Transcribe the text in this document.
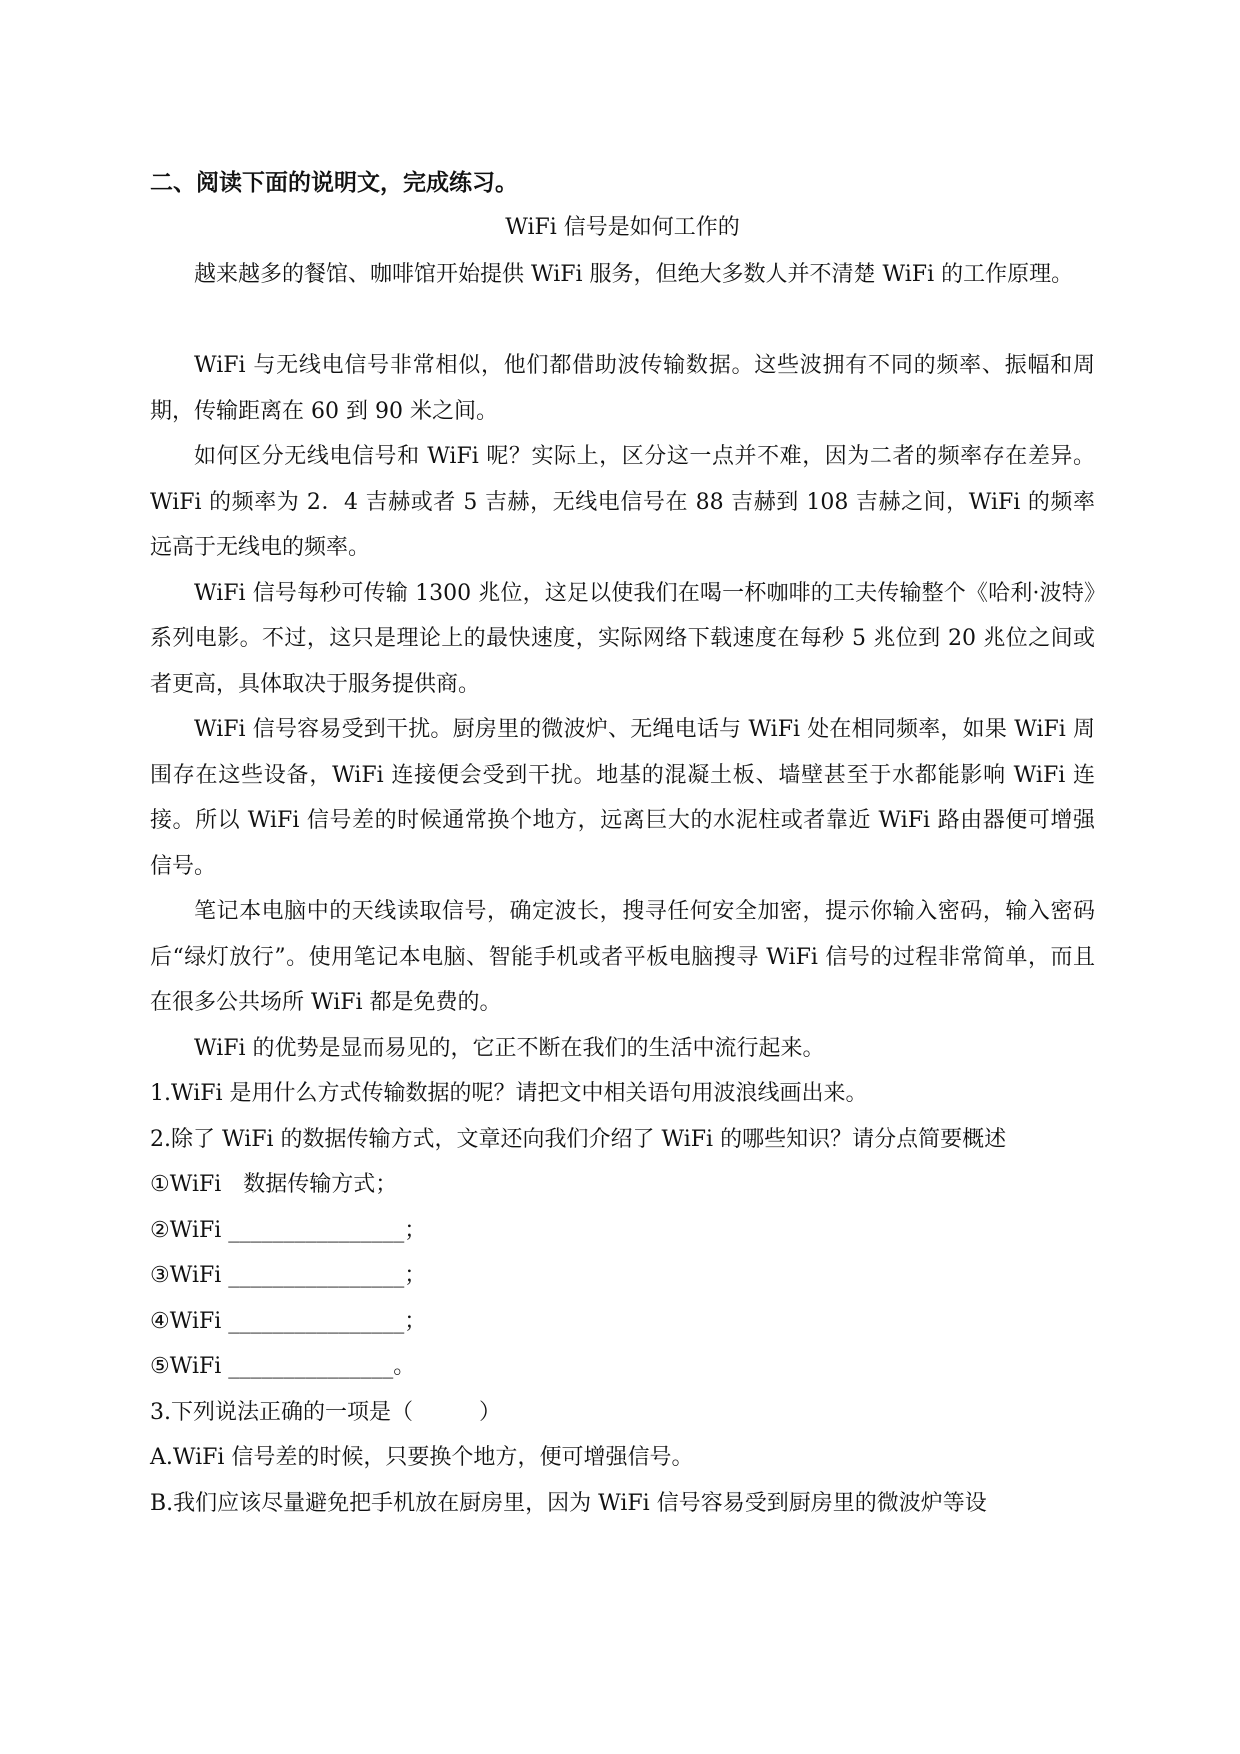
二、阅读下面的说明文，完成练习。
WiFi 信号是如何工作的

越来越多的餐馆、咖啡馆开始提供 WiFi 服务，但绝大多数人并不清楚 WiFi 的工作原理。

WiFi 与无线电信号非常相似，他们都借助波传输数据。这些波拥有不同的频率、振幅和周期，传输距离在 60 到 90 米之间。

如何区分无线电信号和 WiFi 呢？实际上，区分这一点并不难，因为二者的频率存在差异。WiFi 的频率为 2．4 吉赫或者 5 吉赫，无线电信号在 88 吉赫到 108 吉赫之间，WiFi 的频率远高于无线电的频率。

WiFi 信号每秒可传输 1300 兆位，这足以使我们在喝一杯咖啡的工夫传输整个《哈利·波特》系列电影。不过，这只是理论上的最快速度，实际网络下载速度在每秒 5 兆位到 20 兆位之间或者更高，具体取决于服务提供商。

WiFi 信号容易受到干扰。厨房里的微波炉、无绳电话与 WiFi 处在相同频率，如果 WiFi 周围存在这些设备，WiFi 连接便会受到干扰。地基的混凝土板、墙壁甚至于水都能影响 WiFi 连接。所以 WiFi 信号差的时候通常换个地方，远离巨大的水泥柱或者靠近 WiFi 路由器便可增强信号。

笔记本电脑中的天线读取信号，确定波长，搜寻任何安全加密，提示你输入密码，输入密码后“绿灯放行”。使用笔记本电脑、智能手机或者平板电脑搜寻 WiFi 信号的过程非常简单，而且在很多公共场所 WiFi 都是免费的。

WiFi 的优势是显而易见的，它正不断在我们的生活中流行起来。

1.WiFi 是用什么方式传输数据的呢？请把文中相关语句用波浪线画出来。

2.除了 WiFi 的数据传输方式，文章还向我们介绍了 WiFi 的哪些知识？请分点简要概述

①WiFi　数据传输方式；
②WiFi ________________；
③WiFi ________________；
④WiFi ________________；
⑤WiFi _______________。

3.下列说法正确的一项是（　　　）

A.WiFi 信号差的时候，只要换个地方，便可增强信号。

B.我们应该尽量避免把手机放在厨房里，因为 WiFi 信号容易受到厨房里的微波炉等设
